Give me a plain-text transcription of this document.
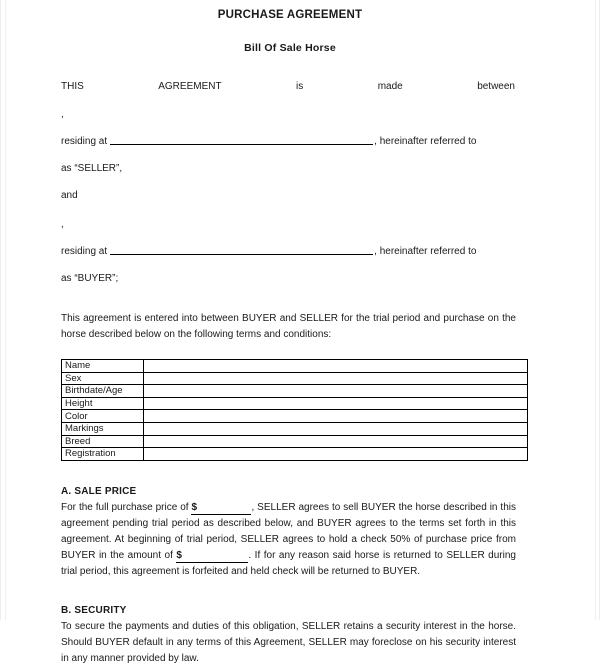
PURCHASE AGREEMENT
Bill Of Sale Horse
THIS	AGREEMENT	is	made	between
,
residing at	, hereinafter referred to
as “SELLER”,
and
,
residing at	, hereinafter referred to
as “BUYER”;
This agreement is entered into between BUYER and SELLER for the trial period and purchase on the horse described below on the following terms and conditions:
Name	
Sex	
Birthdate/Age	
Height	
Color	
Markings	
Breed	
Registration	
A. SALE PRICE
For the full purchase price of $	, SELLER agrees to sell BUYER the horse described in this agreement pending trial period as described below, and BUYER agrees to the terms set forth in this agreement. At beginning of trial period, SELLER agrees to hold a check 50% of purchase price from BUYER in the amount of $	. If for any reason said horse is returned to SELLER during trial period, this agreement is forfeited and held check will be returned to BUYER.
B. SECURITY
To secure the payments and duties of this obligation, SELLER retains a security interest in the horse. Should BUYER default in any terms of this Agreement, SELLER may foreclose on his security interest in any manner provided by law.
